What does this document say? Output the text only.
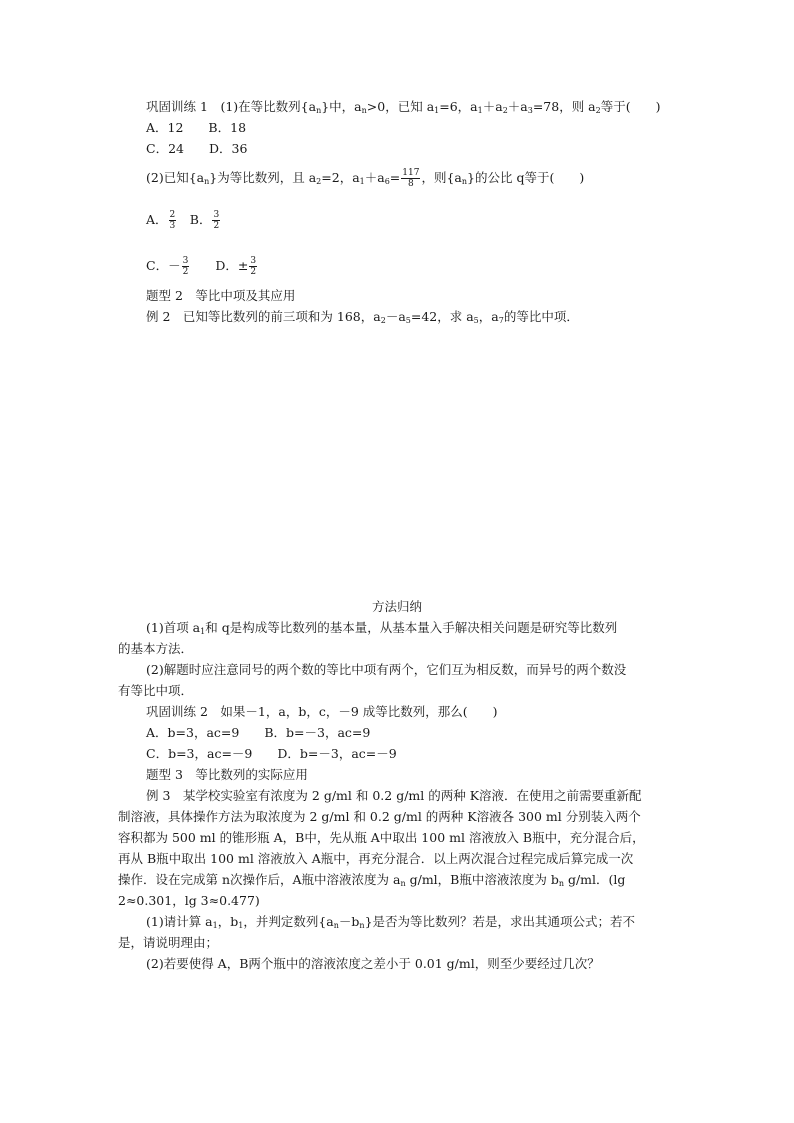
巩固训练 1　 (1)在等比数列$\{a_n\}$中，$a_n>0$，已知 $a_1=6$，$a_1+a_2+a_3=78$，则 $a_2$等于(　　)
A．12　　B．18
C．24　　D．36
(2)已知$\{a_n\}$为等比数列，且 $a_2=2$，$a_1+a_6= \frac{117}{8}$ ，则$\{a_n\}$的公比 q等于(　　)
A． $\frac{2}{3}$
　 B． $\frac{3}{2}$
C．－ $\frac{3}{2}$
　　 D．± $\frac{3}{2}$
题型 2　等比中项及其应用
例 2　已知等比数列的前三项和为 168，$a_2-a_5=42$，求 $a_5$，$a_7$的等比中项．
方法归纳
(1)首项 $a_1$和 q是构成等比数列的基本量，从基本量入手解决相关问题是研究等比数列
的基本方法．
(2)解题时应注意同号的两个数的等比中项有两个，它们互为相反数，而异号的两个数没
有等比中项．
巩固训练 2　如果－1，a，b，c，－9 成等比数列，那么(　　)
A．b=3，ac=9　　B．b=－3，ac=9
C．b=3，ac=－9　　D．b=－3，ac=－9
题型 3　等比数列的实际应用
例 3　某学校实验室有浓度为 2 g/ml 和 0.2 g/ml 的两种 K溶液．在使用之前需要重新配
制溶液，具体操作方法为取浓度为 2 g/ml 和 0.2 g/ml 的两种 K溶液各 300 ml 分别装入两个
容积都为 500 ml 的锥形瓶 A，B中，先从瓶 A中取出 100 ml 溶液放入 B瓶中，充分混合后，
再从 B瓶中取出 100 ml 溶液放入 A瓶中，再充分混合．以上两次混合过程完成后算完成一次
操作．设在完成第 n次操作后，A瓶中溶液浓度为 $a_n$ g/ml，B瓶中溶液浓度为 $b_n$ g/ml．(lg
2≈0.301，lg 3≈0.477)
(1)请计算 $a_1$，$b_1$，并判定数列$\{a_n-b_n\}$是否为等比数列？若是，求出其通项公式；若不
是，请说明理由；
(2)若要使得 A，B两个瓶中的溶液浓度之差小于 0.01 g/ml，则至少要经过几次？
